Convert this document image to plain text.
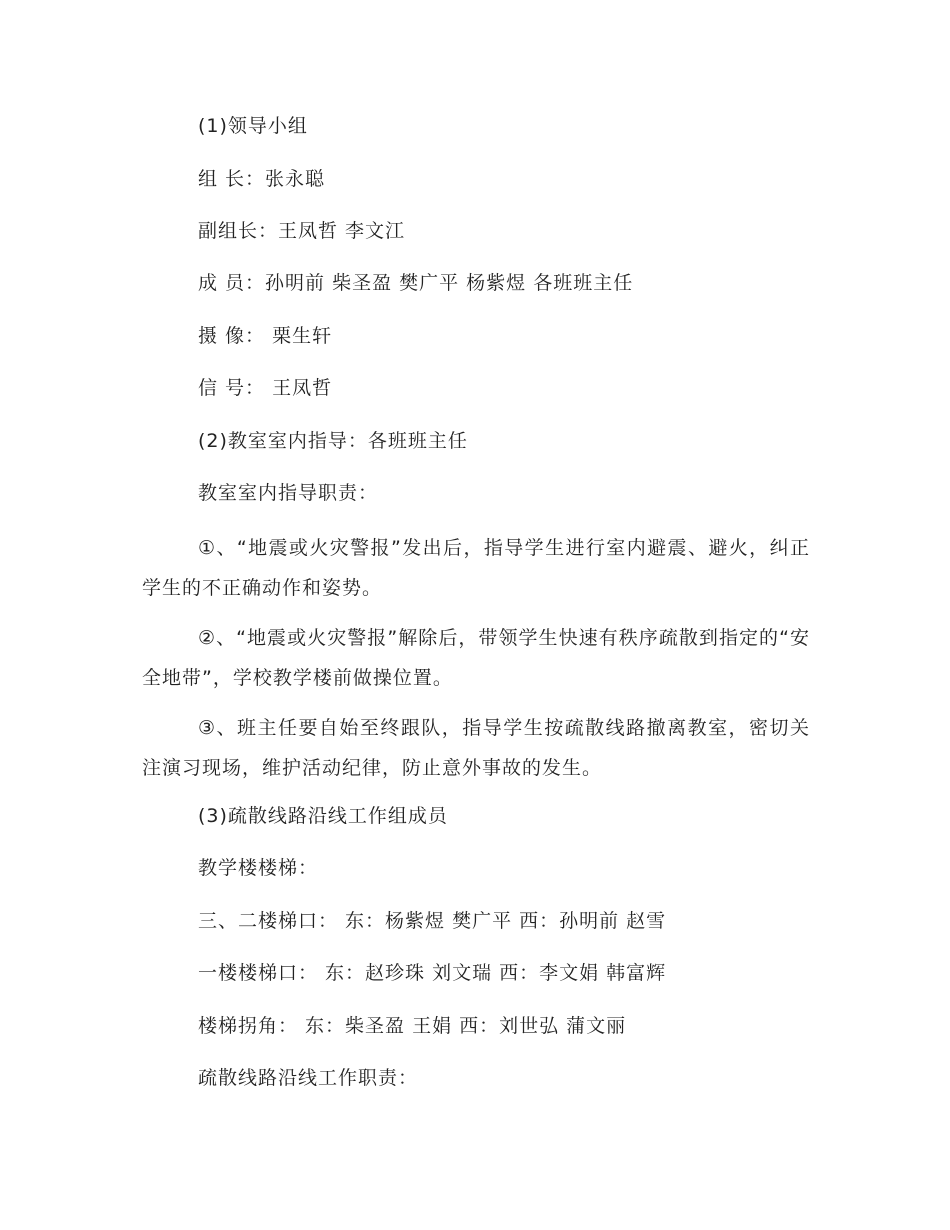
(1)领导小组
组 长：张永聪
副组长：王凤哲 李文江
成 员：孙明前 柴圣盈 樊广平 杨紫煜 各班班主任
摄 像： 栗生轩
信 号： 王凤哲
(2)教室室内指导：各班班主任
教室室内指导职责：
①、“地震或火灾警报”发出后，指导学生进行室内避震、避火，纠正学生的不正确动作和姿势。
②、“地震或火灾警报”解除后，带领学生快速有秩序疏散到指定的“安全地带”，学校教学楼前做操位置。
③、班主任要自始至终跟队，指导学生按疏散线路撤离教室，密切关注演习现场，维护活动纪律，防止意外事故的发生。
(3)疏散线路沿线工作组成员
教学楼楼梯：
三、二楼梯口： 东：杨紫煜 樊广平 西：孙明前 赵雪
一楼楼梯口： 东：赵珍珠 刘文瑞 西：李文娟 韩富辉
楼梯拐角： 东：柴圣盈 王娟 西：刘世弘 蒲文丽
疏散线路沿线工作职责：
